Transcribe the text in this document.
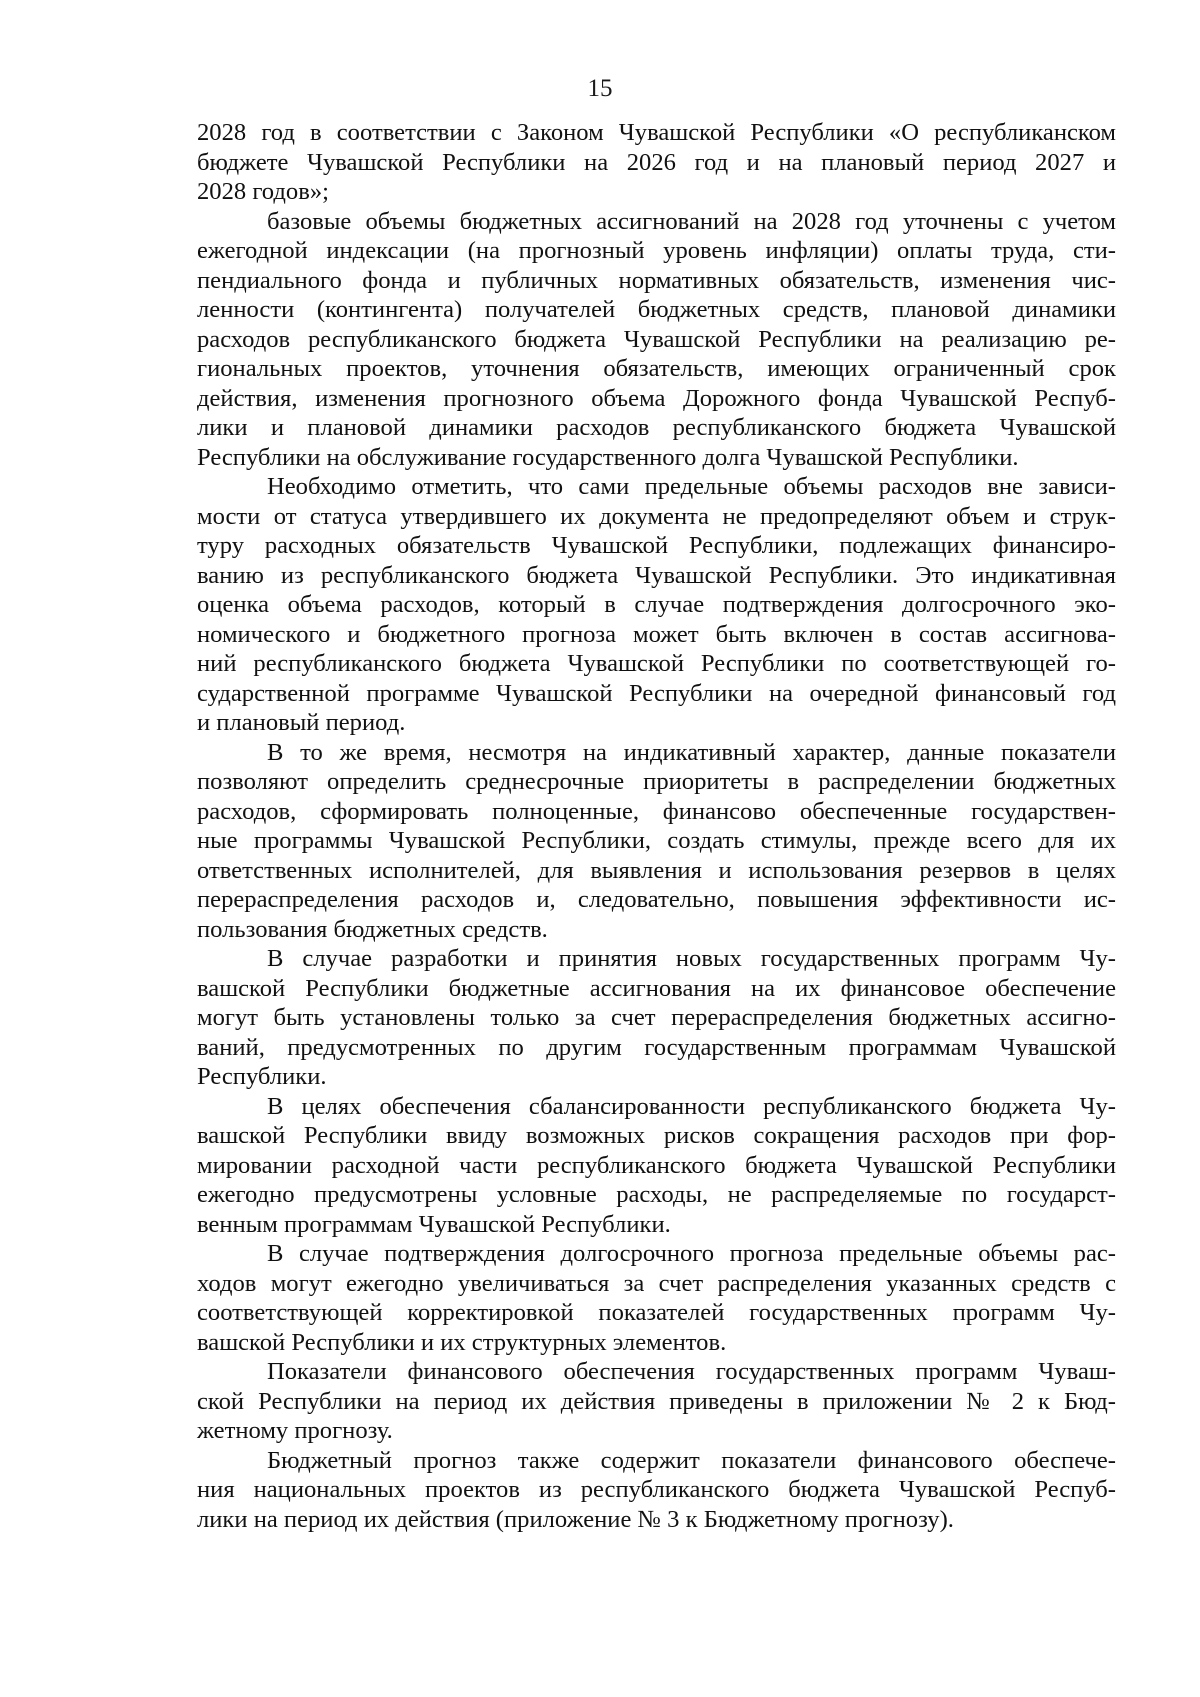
15
2028 год в соответствии с Законом Чувашской Республики «О республиканском
бюджете Чувашской Республики на 2026 год и на плановый период 2027 и
2028 годов»;
базовые объемы бюджетных ассигнований на 2028 год уточнены с учетом
ежегодной индексации (на прогнозный уровень инфляции) оплаты труда, сти-
пендиального фонда и публичных нормативных обязательств, изменения чис-
ленности (контингента) получателей бюджетных средств, плановой динамики
расходов республиканского бюджета Чувашской Республики на реализацию ре-
гиональных проектов, уточнения обязательств, имеющих ограниченный срок
действия, изменения прогнозного объема Дорожного фонда Чувашской Респуб-
лики и плановой динамики расходов республиканского бюджета Чувашской
Республики на обслуживание государственного долга Чувашской Республики.
Необходимо отметить, что сами предельные объемы расходов вне зависи-
мости от статуса утвердившего их документа не предопределяют объем и струк-
туру расходных обязательств Чувашской Республики, подлежащих финансиро-
ванию из республиканского бюджета Чувашской Республики. Это индикативная
оценка объема расходов, который в случае подтверждения долгосрочного эко-
номического и бюджетного прогноза может быть включен в состав ассигнова-
ний республиканского бюджета Чувашской Республики по соответствующей го-
сударственной программе Чувашской Республики на очередной финансовый год
и плановый период.
В то же время, несмотря на индикативный характер, данные показатели
позволяют определить среднесрочные приоритеты в распределении бюджетных
расходов, сформировать полноценные, финансово обеспеченные государствен-
ные программы Чувашской Республики, создать стимулы, прежде всего для их
ответственных исполнителей, для выявления и использования резервов в целях
перераспределения расходов и, следовательно, повышения эффективности ис-
пользования бюджетных средств.
В случае разработки и принятия новых государственных программ Чу-
вашской Республики бюджетные ассигнования на их финансовое обеспечение
могут быть установлены только за счет перераспределения бюджетных ассигно-
ваний, предусмотренных по другим государственным программам Чувашской
Республики.
В целях обеспечения сбалансированности республиканского бюджета Чу-
вашской Республики ввиду возможных рисков сокращения расходов при фор-
мировании расходной части республиканского бюджета Чувашской Республики
ежегодно предусмотрены условные расходы, не распределяемые по государст-
венным программам Чувашской Республики.
В случае подтверждения долгосрочного прогноза предельные объемы рас-
ходов могут ежегодно увеличиваться за счет распределения указанных средств с
соответствующей корректировкой показателей государственных программ Чу-
вашской Республики и их структурных элементов.
Показатели финансового обеспечения государственных программ Чуваш-
ской Республики на период их действия приведены в приложении № 2 к Бюд-
жетному прогнозу.
Бюджетный прогноз также содержит показатели финансового обеспече-
ния национальных проектов из республиканского бюджета Чувашской Респуб-
лики на период их действия (приложение № 3 к Бюджетному прогнозу).
